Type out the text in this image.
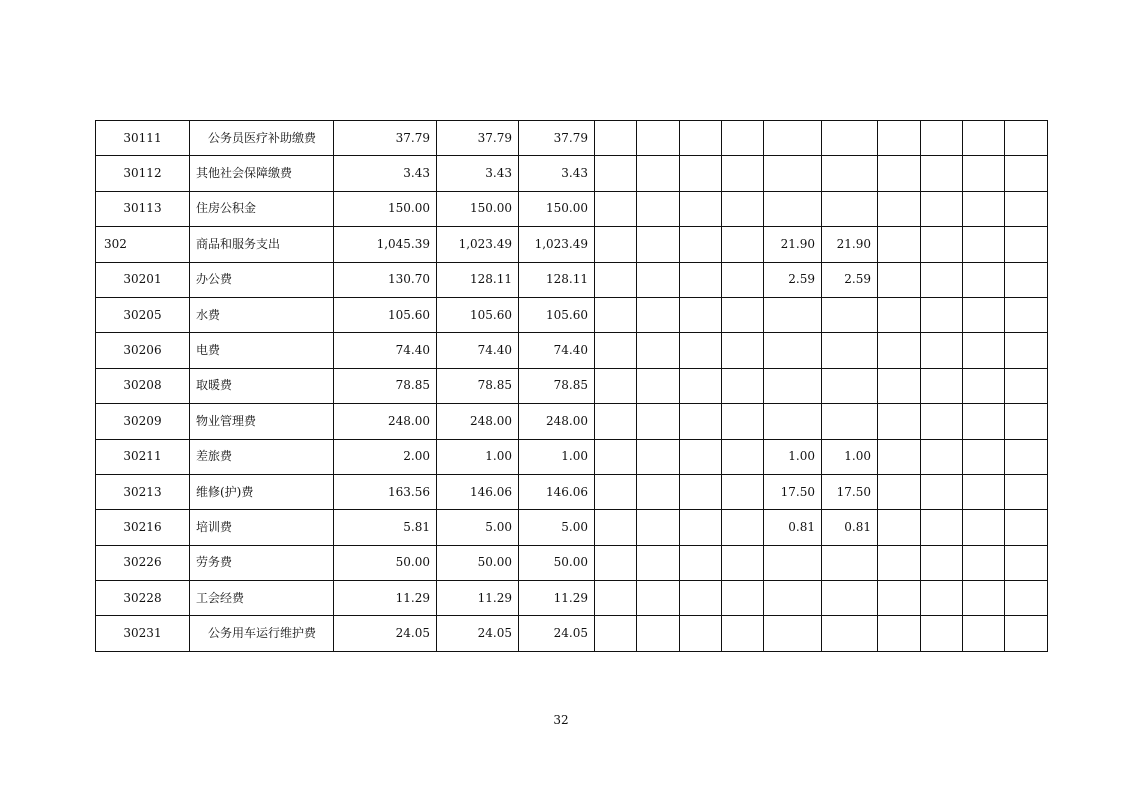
30111	公务员医疗补助缴费	37.79	37.79	37.79										
30112	其他社会保障缴费	3.43	3.43	3.43										
30113	住房公积金	150.00	150.00	150.00										
302	商品和服务支出	1,045.39	1,023.49	1,023.49					21.90	21.90				
30201	办公费	130.70	128.11	128.11					2.59	2.59				
30205	水费	105.60	105.60	105.60										
30206	电费	74.40	74.40	74.40										
30208	取暖费	78.85	78.85	78.85										
30209	物业管理费	248.00	248.00	248.00										
30211	差旅费	2.00	1.00	1.00					1.00	1.00				
30213	维修(护)费	163.56	146.06	146.06					17.50	17.50				
30216	培训费	5.81	5.00	5.00					0.81	0.81				
30226	劳务费	50.00	50.00	50.00										
30228	工会经费	11.29	11.29	11.29										
30231	公务用车运行维护费	24.05	24.05	24.05										
32
